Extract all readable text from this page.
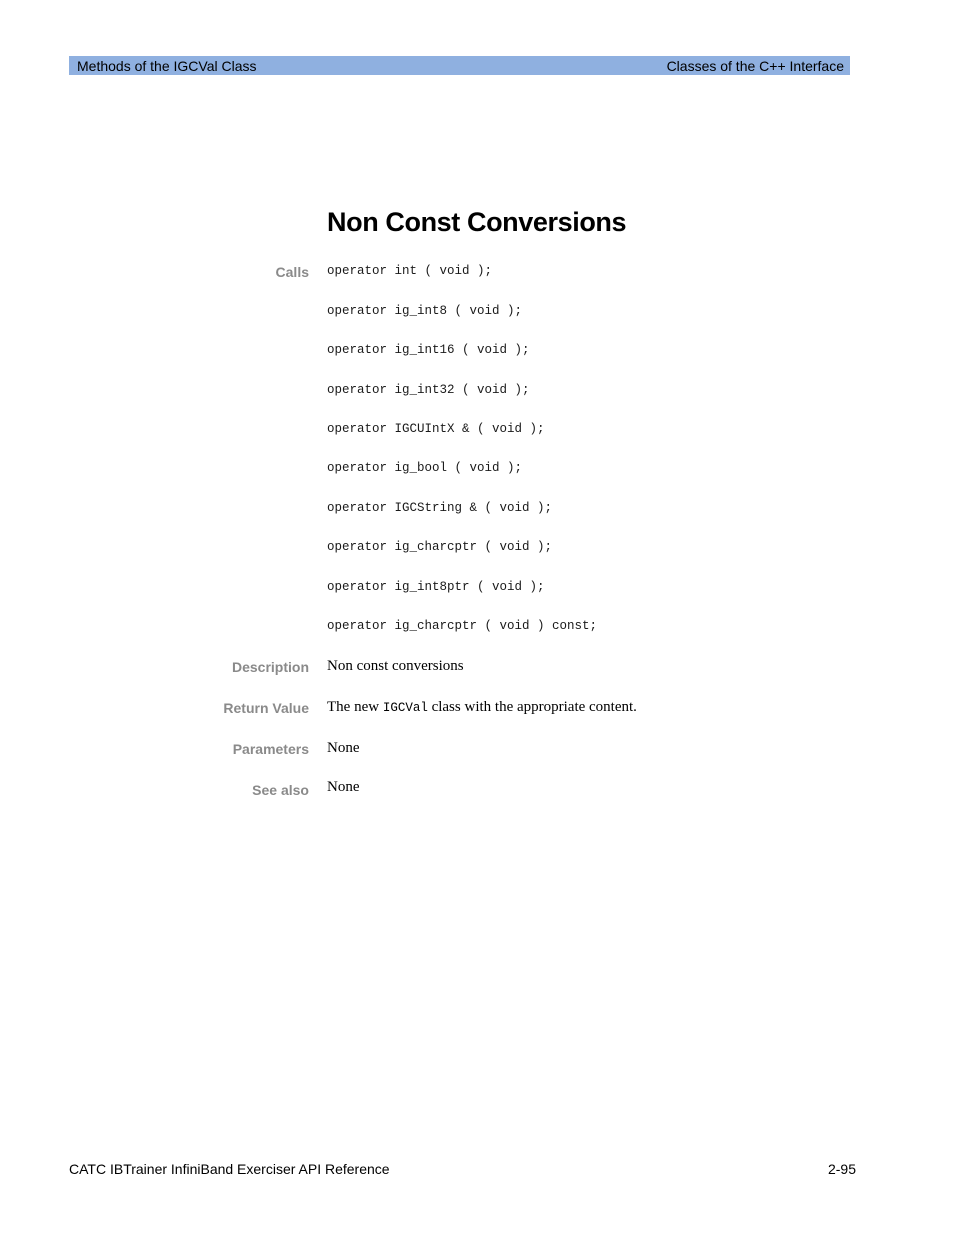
Methods of the IGCVal Class	Classes of the C++ Interface
Non Const Conversions
Calls operator int ( void );
operator ig_int8 ( void );
operator ig_int16 ( void );
operator ig_int32 ( void );
operator IGCUIntX & ( void );
operator ig_bool ( void );
operator IGCString & ( void );
operator ig_charcptr ( void );
operator ig_int8ptr ( void );
operator ig_charcptr ( void ) const;
Description Non const conversions
Return Value The new IGCVal class with the appropriate content.
Parameters None
See also None
CATC IBTrainer InfiniBand Exerciser API Reference	2-95
